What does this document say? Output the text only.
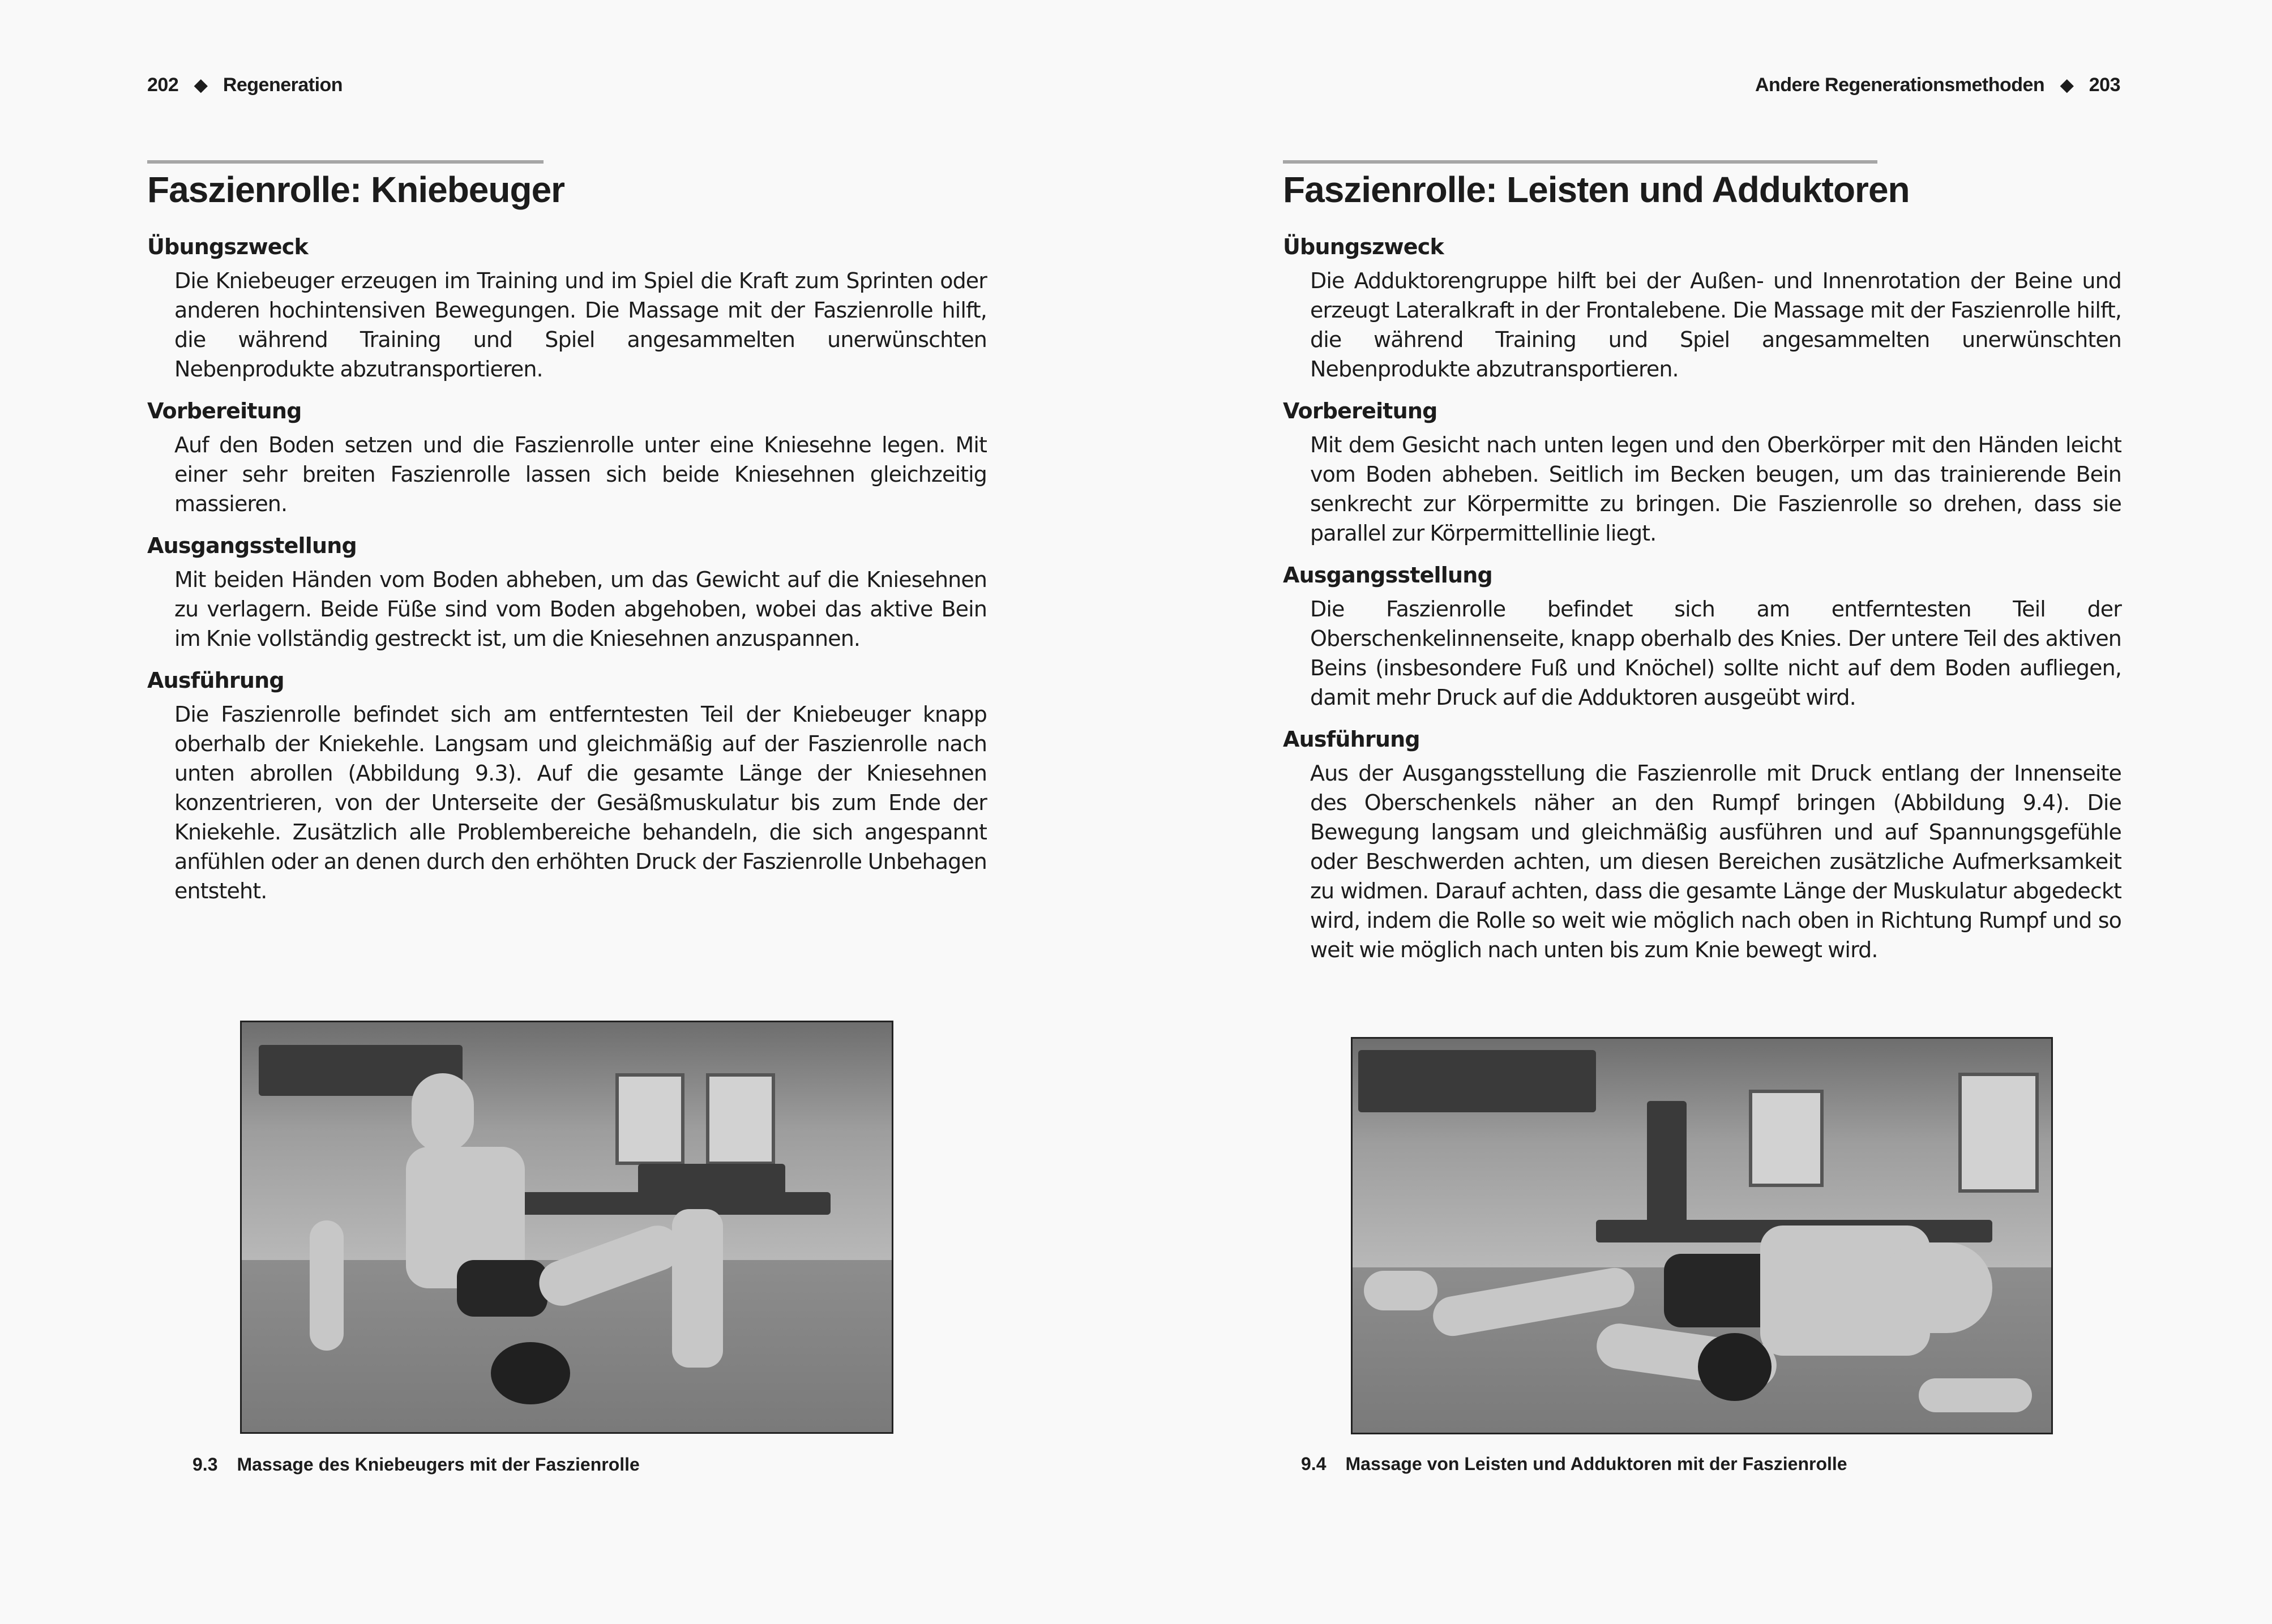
202 ◆ Regeneration
Faszienrolle: Kniebeuger
Übungszweck

Die Kniebeuger erzeugen im Training und im Spiel die Kraft zum Sprinten oder anderen hochintensiven Bewegungen. Die Massage mit der Faszienrolle hilft, die während Training und Spiel angesammelten unerwünschten Nebenprodukte abzutransportieren.

Vorbereitung

Auf den Boden setzen und die Faszienrolle unter eine Kniesehne legen. Mit einer sehr breiten Faszienrolle lassen sich beide Kniesehnen gleichzeitig massieren.

Ausgangsstellung

Mit beiden Händen vom Boden abheben, um das Gewicht auf die Kniesehnen zu verlagern. Beide Füße sind vom Boden abgehoben, wobei das aktive Bein im Knie vollständig gestreckt ist, um die Kniesehnen anzuspannen.

Ausführung

Die Faszienrolle befindet sich am entferntesten Teil der Kniebeuger knapp oberhalb der Kniekehle. Langsam und gleichmäßig auf der Faszienrolle nach unten abrollen (Abbildung 9.3). Auf die gesamte Länge der Kniesehnen konzentrieren, von der Unterseite der Gesäßmuskulatur bis zum Ende der Kniekehle. Zusätzlich alle Problembereiche behandeln, die sich angespannt anfühlen oder an denen durch den erhöhten Druck der Faszienrolle Unbehagen entsteht.

9.3 Massage des Kniebeugers mit der Faszienrolle
Andere Regenerationsmethoden ◆ 203
Faszienrolle: Leisten und Adduktoren
Übungszweck

Die Adduktorengruppe hilft bei der Außen- und Innenrotation der Beine und erzeugt Lateralkraft in der Frontalebene. Die Massage mit der Faszienrolle hilft, die während Training und Spiel angesammelten unerwünschten Nebenprodukte abzutransportieren.

Vorbereitung

Mit dem Gesicht nach unten legen und den Oberkörper mit den Händen leicht vom Boden abheben. Seitlich im Becken beugen, um das trainierende Bein senkrecht zur Körpermitte zu bringen. Die Faszienrolle so drehen, dass sie parallel zur Körpermittellinie liegt.

Ausgangsstellung

Die Faszienrolle befindet sich am entferntesten Teil der Oberschenkelinnenseite, knapp oberhalb des Knies. Der untere Teil des aktiven Beins (insbesondere Fuß und Knöchel) sollte nicht auf dem Boden aufliegen, damit mehr Druck auf die Adduktoren ausgeübt wird.

Ausführung

Aus der Ausgangsstellung die Faszienrolle mit Druck entlang der Innenseite des Oberschenkels näher an den Rumpf bringen (Abbildung 9.4). Die Bewegung langsam und gleichmäßig ausführen und auf Spannungsgefühle oder Beschwerden achten, um diesen Bereichen zusätzliche Aufmerksamkeit zu widmen. Darauf achten, dass die gesamte Länge der Muskulatur abgedeckt wird, indem die Rolle so weit wie möglich nach oben in Richtung Rumpf und so weit wie möglich nach unten bis zum Knie bewegt wird.

9.4 Massage von Leisten und Adduktoren mit der Faszienrolle
